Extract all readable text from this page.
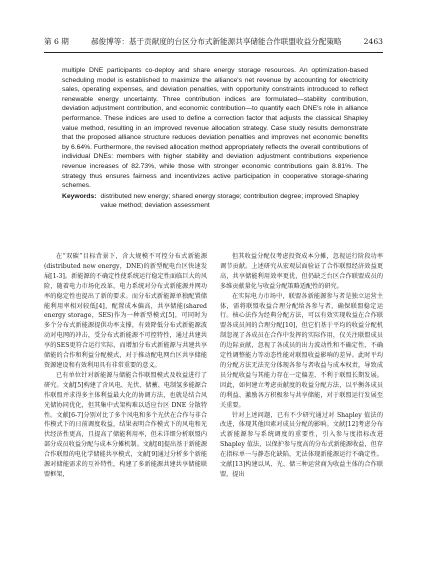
第 6 期	郝俊博等：基于贡献度的台区分布式新能源共享储能合作联盟收益分配策略	2463

multiple DNE participants co-deploy and share energy storage resources. An optimization-based scheduling model is established to maximize the alliance's net revenue by accounting for electricity sales, operating expenses, and deviation penalties, with opportunity constraints introduced to reflect renewable energy uncertainty. Three contribution indices are formulated—stability contribution, deviation adjustment contribution, and economic contribution—to quantify each DNE's role in alliance performance. These indices are used to define a correction factor that adjusts the classical Shapley value method, resulting in an improved revenue allocation strategy. Case study results demonstrate that the proposed alliance structure reduces deviation penalties and improves net economic benefits by 6.64%. Furthermore, the revised allocation method appropriately reflects the overall contributions of individual DNEs: members with higher stability and deviation adjustment contributions experience revenue increases of 82.73%, while those with stronger economic contributions gain 8.81%. The strategy thus ensures fairness and incentivizes active participation in cooperative storage-sharing schemes.

Keywords: distributed new energy; shared energy storage; contribution degree; improved Shapley value method; deviation assessment

在“双碳”目标背景下，含大规模不可控分布式新能源(distributed new energy，DNE)的新型配电台区快速发展[1-3]。新能源的不确定性使系统运行稳定性面临巨大的风险，随着电力市场化改革，电力系统对分布式新能源并网功率的稳定性也提出了新的要求。而分布式新能源单独配置储能利用率相对较低[4]，配置成本偏高，共享储能(shared energy storage，SES)作为一种新型模式[5]，可同时为多个分布式新能源提供功率支撑，有效降低分布式新能源波动对电网的冲击，受分布式新能源不可控特性，通过共建共享的SES更符合运行实际，而增加分布式新能源与共建共享储能的合作和利益分配模式，对于推动配电网台区共享储能资源建设和有效利用具有非常重要的意义。

已有单位针对新能源与储能合作联盟模式及收益进行了研究。文献[5]构建了含风电、光伏、储蓄、电制氢多能源合作联盟并求得多主体利益最大化的协调方法，也就是结合风光储协同优化，但其集中式架构难以适应台区 DNE 分散特性。文献[6-7]分别对比了多个风电和多个光伏在合作与非合作模式下的日前调度收益，结果表明合作模式下的风电和光伏经济性更高，且提高了储能利用率，但未详细分析联盟内部分成员收益分配与成本分摊机制。文献[8]提出基于新能源合作联盟的电化学储能共享模式，文献[9]通过分析多个新能源对储能需求的互补特性，构建了多新能源共建共享储能联盟框架，

但其收益分配仅考虑投资成本分摊，忽视运行阶段功率调节贡献。上述研究从宏观层面验证了合作联盟经济效益更高，共享储能利用效率更优，但仍缺乏台区合作联盟成员的多维贡献量化与收益分配策略适配性的研究。

在实际电力市场中，联盟各新能源参与者是独立运营主体，需将联盟收益合理分配给各参与者，确保联盟稳定运行。核心法作为经典分配方法，可以有效实现收益在合作联盟各成员间的合理分配[10]，但它们基于平均的收益分配机制忽视了各成员在合作中发挥的实际作用，仅关注联盟成员的边际贡献，忽视了各成员的出力波动性和不确定性、不确定性调整能力等动态性能对联盟收益影响的差异。此时平均的分配方法无法充分体现各参与者收益与成本权责，导致成员分配收益与其能力存在一定偏差，不利于联盟长期发展。因此，如何建立考虑贡献度的收益分配方法，以平衡各成员的利益、激励各方积极参与共享储能，对于联盟运行发展至关重要。

针对上述问题，已有不少研究通过对 Shapley 值法的改进，体现其他因素对成员分配的影响。文献[12]考虑分布式新能源参与系统调度的重要性，引入参与度指标改进 Shapley 值法，以保护参与度高的分布式新能源收益，但存在指标单一与静态化缺陷，无法体现新能源运行不确定性。文献[13]构建以风、光、储三种运营商为收益主体的合作联盟，提出
